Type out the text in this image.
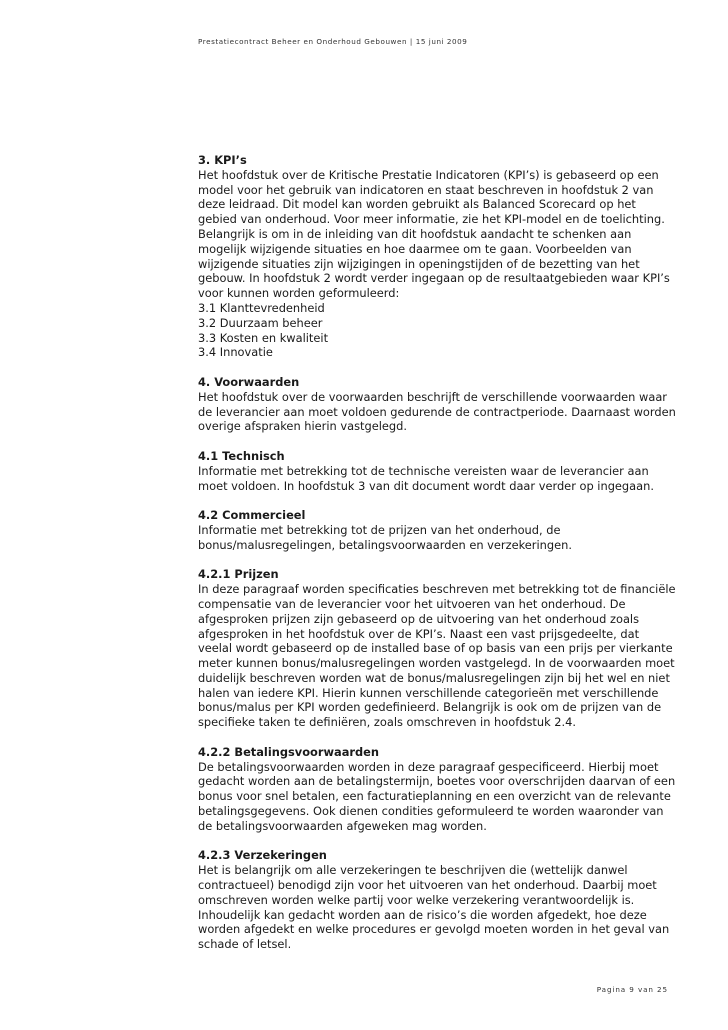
Prestatiecontract Beheer en Onderhoud Gebouwen | 15 juni 2009
3. KPI’s
Het hoofdstuk over de Kritische Prestatie Indicatoren (KPI’s) is gebaseerd op een model voor het gebruik van indicatoren en staat beschreven in hoofdstuk 2 van deze leidraad. Dit model kan worden gebruikt als Balanced Scorecard op het gebied van onderhoud. Voor meer informatie, zie het KPI-model en de toelichting. Belangrijk is om in de inleiding van dit hoofdstuk aandacht te schenken aan mogelijk wijzigende situaties en hoe daarmee om te gaan. Voorbeelden van wijzigende situaties zijn wijzigingen in openingstijden of de bezetting van het gebouw. In hoofdstuk 2 wordt verder ingegaan op de resultaatgebieden waar KPI’s voor kunnen worden geformuleerd:
3.1 Klanttevredenheid
3.2 Duurzaam beheer
3.3 Kosten en kwaliteit
3.4 Innovatie
4. Voorwaarden
Het hoofdstuk over de voorwaarden beschrijft de verschillende voorwaarden waar de leverancier aan moet voldoen gedurende de contractperiode. Daarnaast worden overige afspraken hierin vastgelegd.
4.1 Technisch
Informatie met betrekking tot de technische vereisten waar de leverancier aan moet voldoen. In hoofdstuk 3 van dit document wordt daar verder op ingegaan.
4.2 Commercieel
Informatie met betrekking tot de prijzen van het onderhoud, de bonus/malusregelingen, betalingsvoorwaarden en verzekeringen.
4.2.1 Prijzen
In deze paragraaf worden specificaties beschreven met betrekking tot de financiële compensatie van de leverancier voor het uitvoeren van het onderhoud. De afgesproken prijzen zijn gebaseerd op de uitvoering van het onderhoud zoals afgesproken in het hoofdstuk over de KPI’s. Naast een vast prijsgedeelte, dat veelal wordt gebaseerd op de installed base of op basis van een prijs per vierkante meter kunnen bonus/malusregelingen worden vastgelegd. In de voorwaarden moet duidelijk beschreven worden wat de bonus/malusregelingen zijn bij het wel en niet halen van iedere KPI. Hierin kunnen verschillende categorieën met verschillende bonus/malus per KPI worden gedefinieerd. Belangrijk is ook om de prijzen van de specifieke taken te definiëren, zoals omschreven in hoofdstuk 2.4.
4.2.2 Betalingsvoorwaarden
De betalingsvoorwaarden worden in deze paragraaf gespecificeerd. Hierbij moet gedacht worden aan de betalingstermijn, boetes voor overschrijden daarvan of een bonus voor snel betalen, een facturatieplanning en een overzicht van de relevante betalingsgegevens. Ook dienen condities geformuleerd te worden waaronder van de betalingsvoorwaarden afgeweken mag worden.
4.2.3 Verzekeringen
Het is belangrijk om alle verzekeringen te beschrijven die (wettelijk danwel contractueel) benodigd zijn voor het uitvoeren van het onderhoud. Daarbij moet omschreven worden welke partij voor welke verzekering verantwoordelijk is. Inhoudelijk kan gedacht worden aan de risico’s die worden afgedekt, hoe deze worden afgedekt en welke procedures er gevolgd moeten worden in het geval van schade of letsel.
Pagina 9 van 25
